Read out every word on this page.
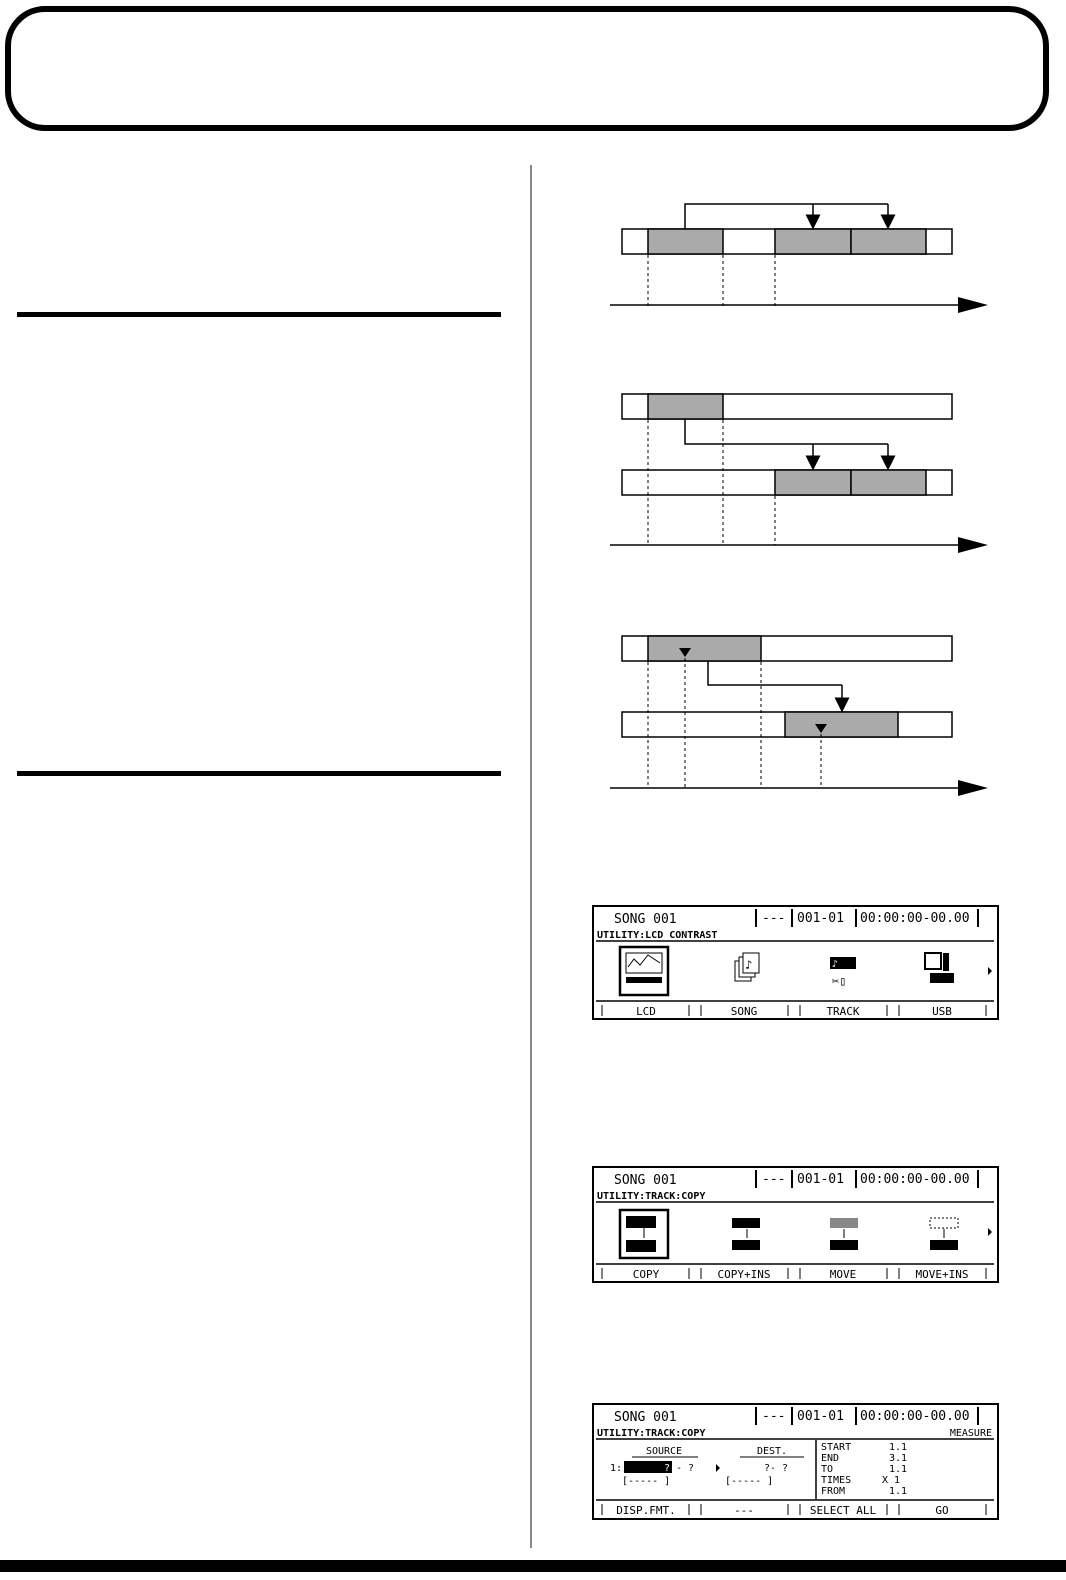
SONG 001	--- 001-01 00:00:00-00.00
UTILITY:LCD CONTRAST
♪	♪
✂▯
LCD	SONG	TRACK	USB
SONG 001	--- 001-01 00:00:00-00.00
UTILITY:TRACK:COPY
COPY	COPY+INS	MOVE	MOVE+INS
SONG 001	--- 001-01 00:00:00-00.00
UTILITY:TRACK:COPY	MEASURE
SOURCE	DEST.
1:	? - ?	?- ?
[----- ]	[----- ]
START	1.1
END	3.1
TO	1.1
TIMES	X 1
FROM	1.1
DISP.FMT.	---	SELECT ALL	GO
